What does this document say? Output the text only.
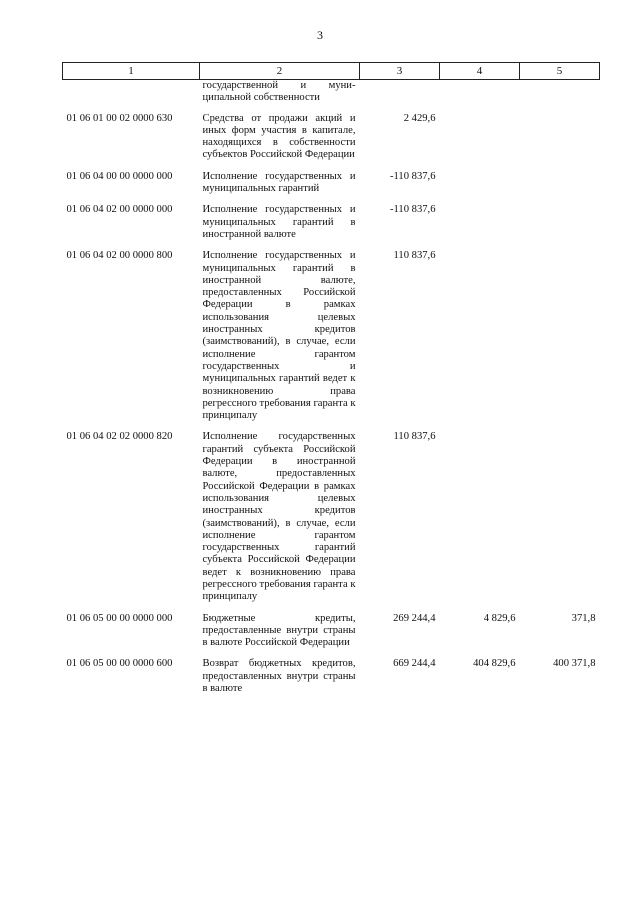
3
1	2	3	4	5
	государственной и муни-ципальной собственности			
01 06 01 00 02 0000 630	Средства от продажи акций и иных форм участия в капитале, находящихся в собственности субъектов Российской Федерации	2 429,6		
01 06 04 00 00 0000 000	Исполнение государственных и муниципальных гарантий	-110 837,6		
01 06 04 02 00 0000 000	Исполнение государственных и муниципальных гарантий в иностранной валюте	-110 837,6		
01 06 04 02 00 0000 800	Исполнение государственных и муниципальных гарантий в иностранной валюте, предоставленных Российской Федерации в рамках использования целевых иностранных кредитов (заимствований), в случае, если исполнение гарантом государственных и муниципальных гарантий ведет к возникновению права регрессного требования гаранта к принципалу	110 837,6		
01 06 04 02 02 0000 820	Исполнение государственных гарантий субъекта Российской Федерации в иностранной валюте, предоставленных Российской Федерации в рамках использования целевых иностранных кредитов (заимствований), в случае, если исполнение гарантом государственных гарантий субъекта Российской Федерации ведет к возникновению права регрессного требования гаранта к принципалу	110 837,6		
01 06 05 00 00 0000 000	Бюджетные кредиты, предоставленные внутри страны в валюте Российской Федерации	269 244,4	4 829,6	371,8
01 06 05 00 00 0000 600	Возврат бюджетных кредитов, предоставленных внутри страны в валюте	669 244,4	404 829,6	400 371,8
